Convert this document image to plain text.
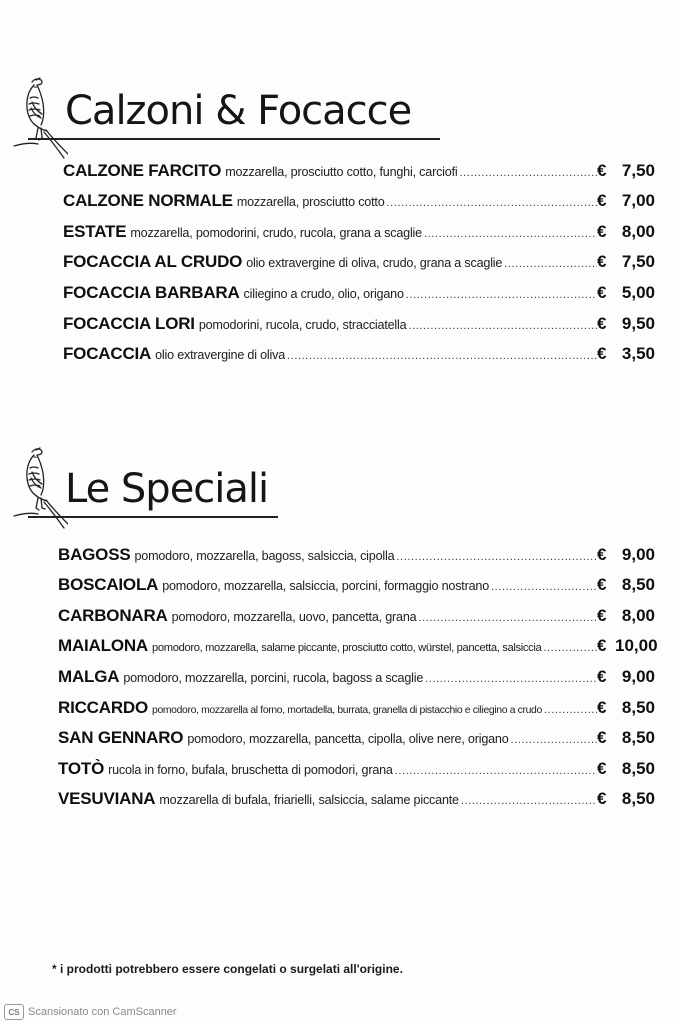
Calzoni & Focacce
CALZONE FARCITO mozzarella, prosciutto cotto, funghi, carciofi .....	€ 7,50
CALZONE NORMALE mozzarella, prosciutto cotto .....	€ 7,00
ESTATE mozzarella, pomodorini, crudo, rucola, grana a scaglie .....	€ 8,00
FOCACCIA AL CRUDO olio extravergine di oliva, crudo, grana a scaglie .....	€ 7,50
FOCACCIA BARBARA ciliegino a crudo, olio, origano .....	€ 5,00
FOCACCIA LORI pomodorini, rucola, crudo, stracciatella .....	€ 9,50
FOCACCIA olio extravergine di oliva .....	€ 3,50
Le Speciali
BAGOSS pomodoro, mozzarella, bagoss, salsiccia, cipolla .....	€ 9,00
BOSCAIOLA pomodoro, mozzarella, salsiccia, porcini, formaggio nostrano .....	€ 8,50
CARBONARA pomodoro, mozzarella, uovo, pancetta, grana .....	€ 8,00
MAIALONA pomodoro, mozzarella, salame piccante, prosciutto cotto, würstel, pancetta, salsiccia .....	€ 10,00
MALGA pomodoro, mozzarella, porcini, rucola, bagoss a scaglie .....	€ 9,00
RICCARDO pomodoro, mozzarella al forno, mortadella, burrata, granella di pistacchio e ciliegino a crudo .....	€ 8,50
SAN GENNARO pomodoro, mozzarella, pancetta, cipolla, olive nere, origano .....	€ 8,50
TOTÒ rucola in forno, bufala, bruschetta di pomodori, grana .....	€ 8,50
VESUVIANA mozzarella di bufala, friarielli, salsiccia, salame piccante .....	€ 8,50
* i prodotti potrebbero essere congelati o surgelati all'origine.
CS Scansionato con CamScanner
